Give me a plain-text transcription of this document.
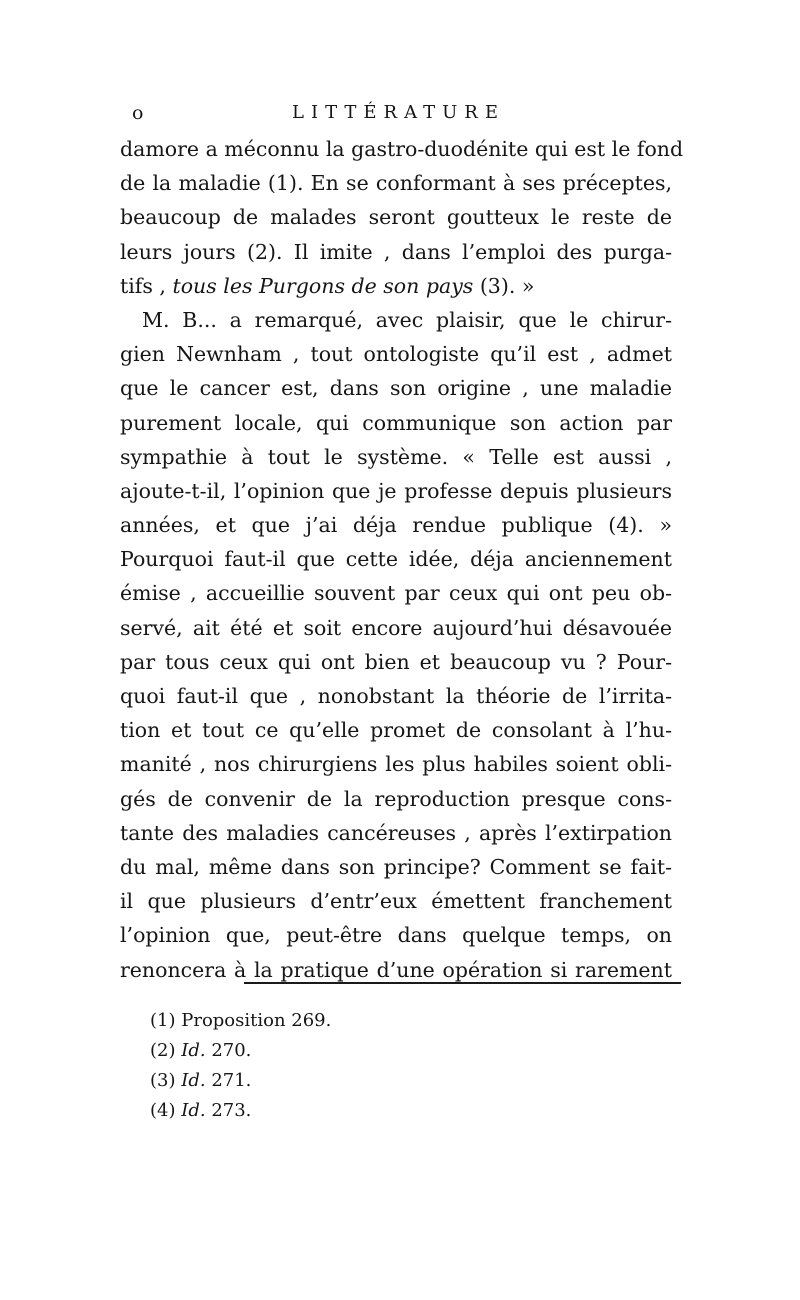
o	LITTÉRATURE
damore a méconnu la gastro-duodénite qui est le fond
de la maladie (1). En se conformant à ses préceptes,
beaucoup de malades seront goutteux le reste de
leurs jours (2). Il imite , dans l’emploi des purga-
tifs , tous les Purgons de son pays (3). »
M. B... a remarqué, avec plaisir, que le chirur-
gien Newnham , tout ontologiste qu’il est , admet
que le cancer est, dans son origine , une maladie
purement locale, qui communique son action par
sympathie à tout le système. « Telle est aussi ,
ajoute-t-il, l’opinion que je professe depuis plusieurs
années, et que j’ai déja rendue publique (4). »
Pourquoi faut-il que cette idée, déja anciennement
émise , accueillie souvent par ceux qui ont peu ob-
servé, ait été et soit encore aujourd’hui désavouée
par tous ceux qui ont bien et beaucoup vu ? Pour-
quoi faut-il que , nonobstant la théorie de l’irrita-
tion et tout ce qu’elle promet de consolant à l’hu-
manité , nos chirurgiens les plus habiles soient obli-
gés de convenir de la reproduction presque cons-
tante des maladies cancéreuses , après l’extirpation
du mal, même dans son principe? Comment se fait-
il que plusieurs d’entr’eux émettent franchement
l’opinion que, peut-être dans quelque temps, on
renoncera à la pratique d’une opération si rarement
(1) Proposition 269.
(2) Id. 270.
(3) Id. 271.
(4) Id. 273.
